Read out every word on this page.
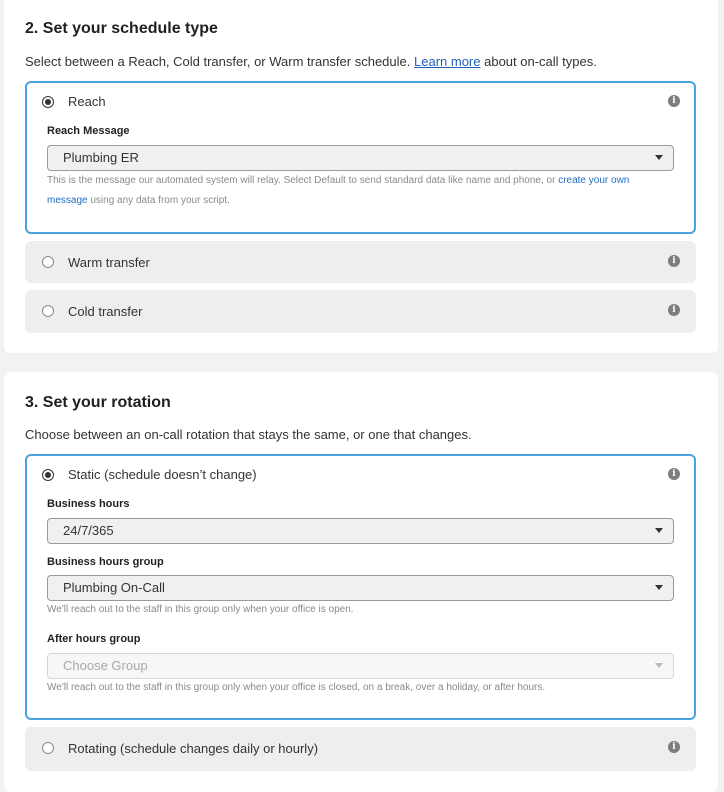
2. Set your schedule type

Select between a Reach, Cold transfer, or Warm transfer schedule. Learn more about on-call types.

Reach	i
Reach Message
Plumbing ER
This is the message our automated system will relay. Select Default to send standard data like name and phone, or create your own message using any data from your script.
Warm transfer	i
Cold transfer	i
3. Set your rotation

Choose between an on-call rotation that stays the same, or one that changes.

Static (schedule doesn’t change)	i
Business hours
24/7/365
Business hours group
Plumbing On-Call
We'll reach out to the staff in this group only when your office is open.
After hours group
Choose Group
We'll reach out to the staff in this group only when your office is closed, on a break, over a holiday, or after hours.
Rotating (schedule changes daily or hourly)	i
